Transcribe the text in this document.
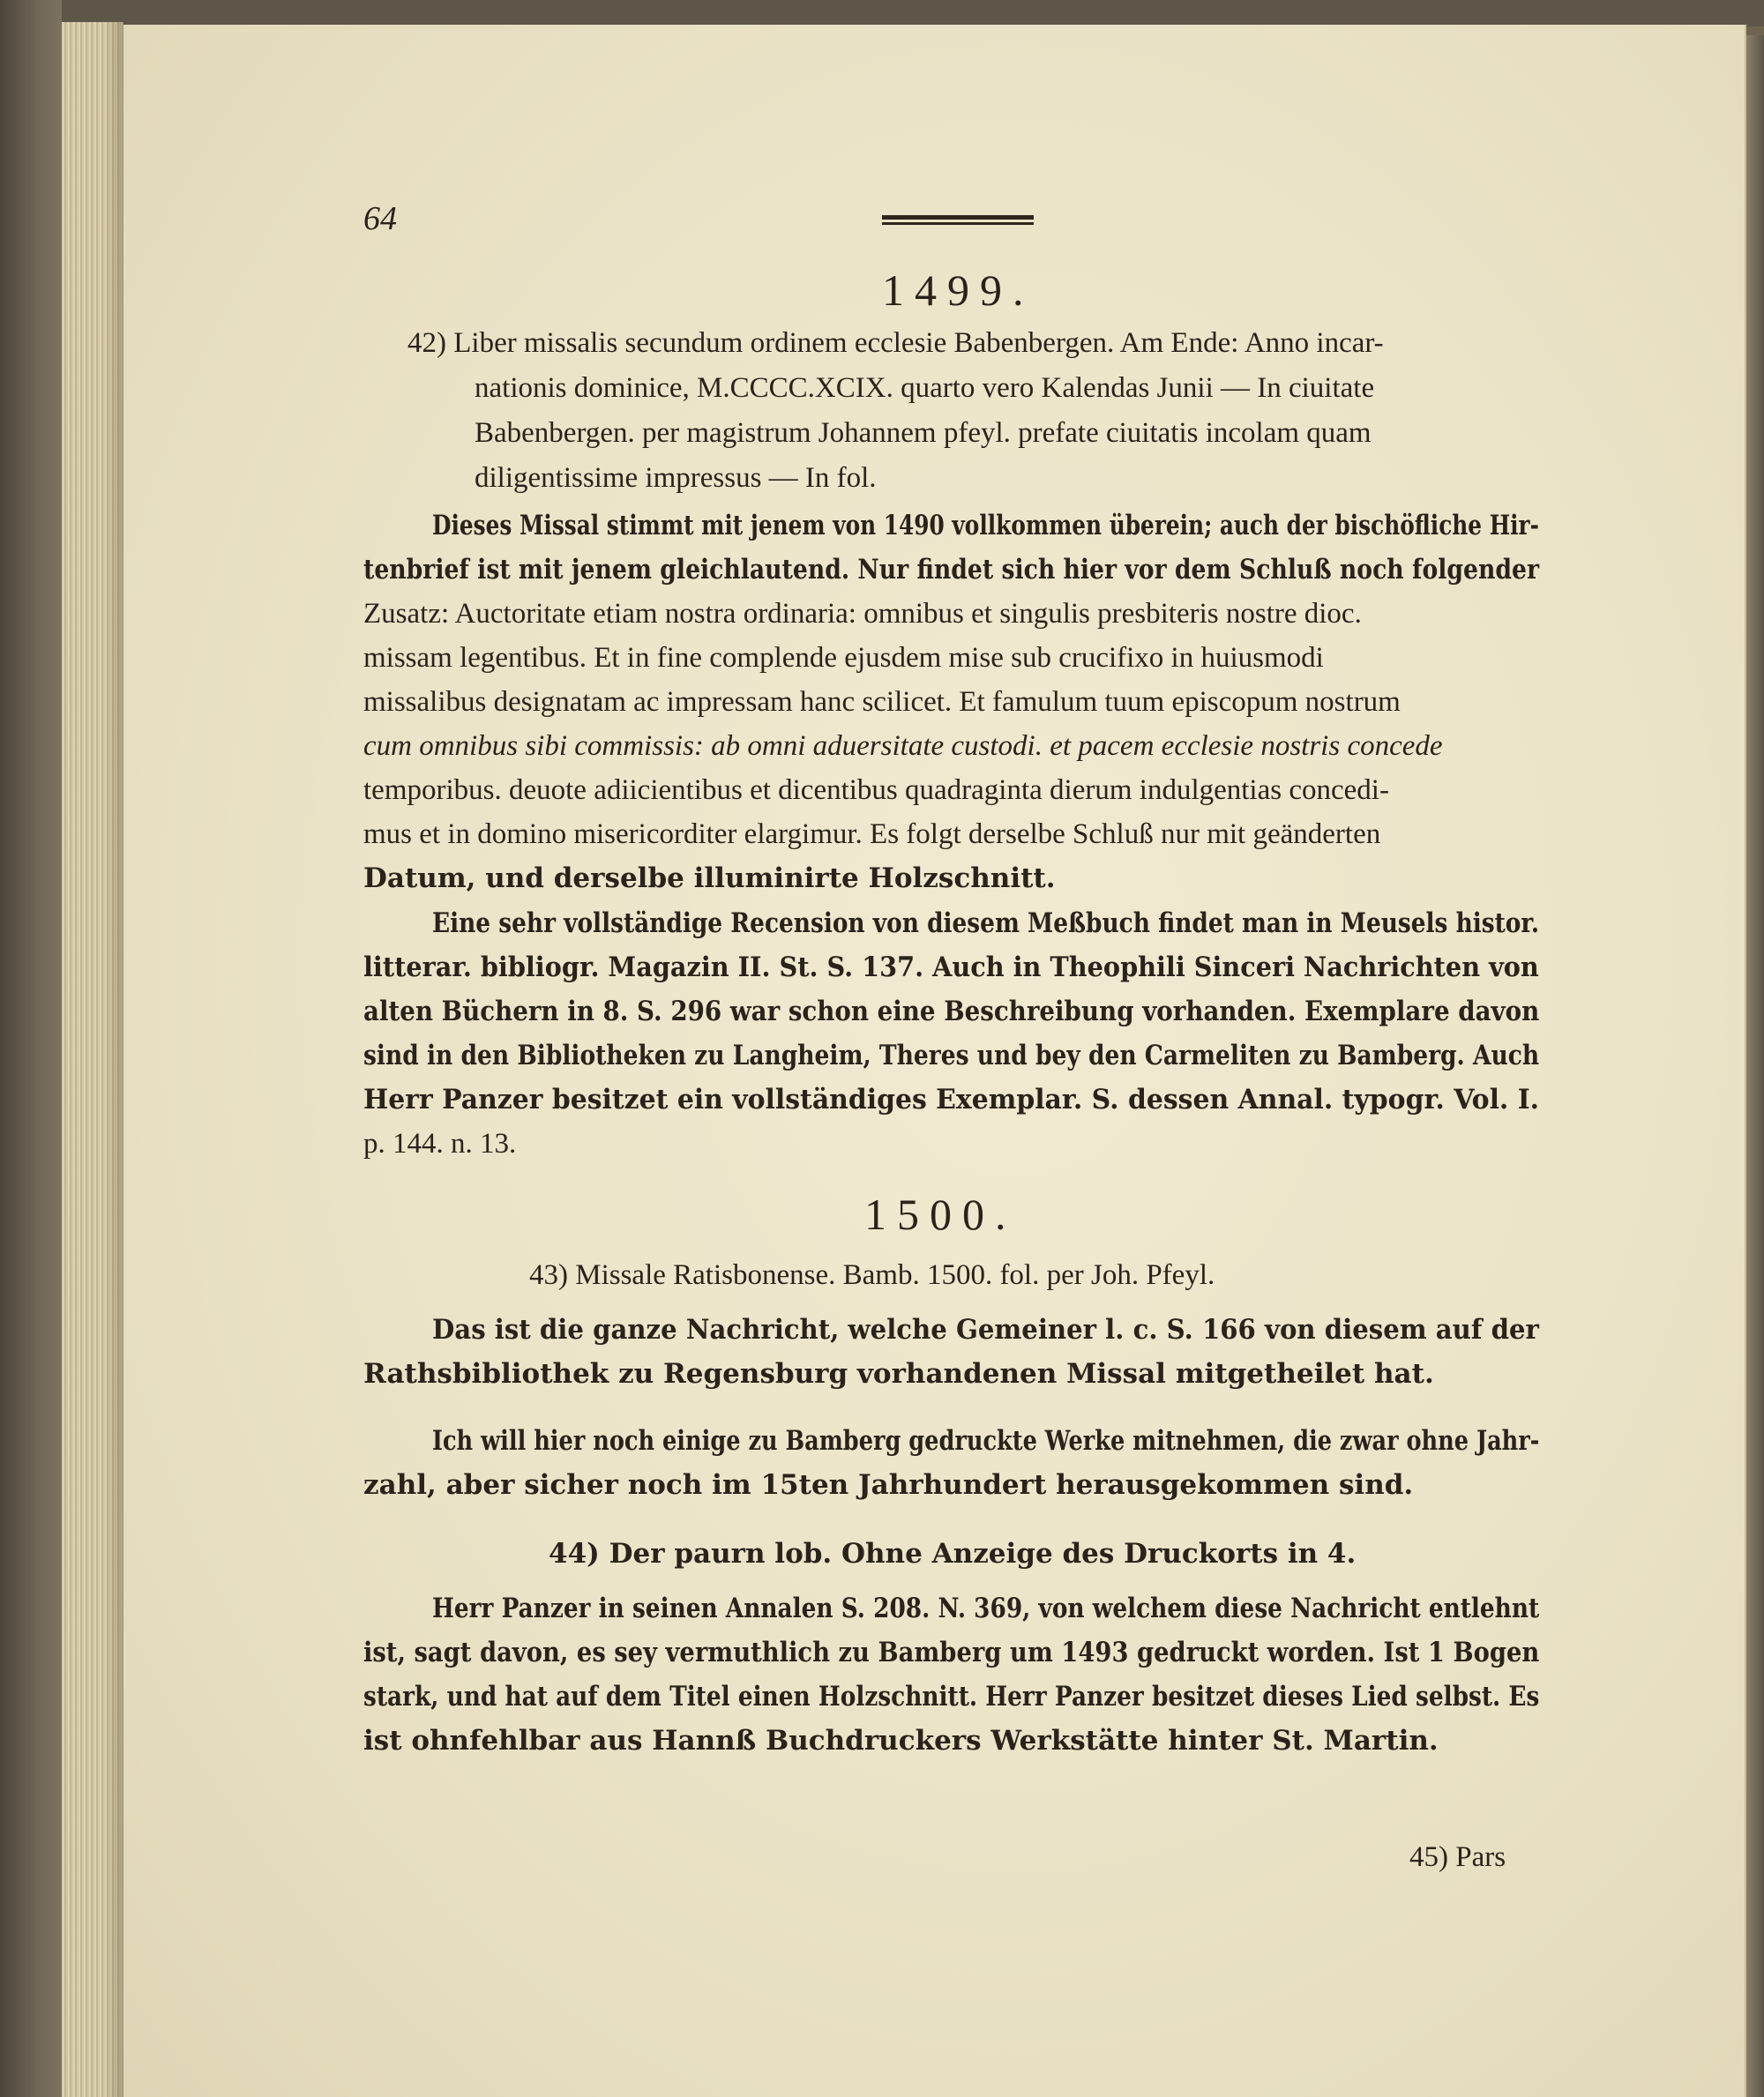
64
1499.
42) Liber missalis secundum ordinem ecclesie Babenbergen. Am Ende: Anno incar-
nationis dominice, M.CCCC.XCIX. quarto vero Kalendas Junii — In ciuitate
Babenbergen. per magistrum Johannem pfeyl. prefate ciuitatis incolam quam
diligentissime impressus — In fol.
Dieses Missal stimmt mit jenem von 1490 vollkommen überein; auch der bischöfliche Hir-
tenbrief ist mit jenem gleichlautend. Nur findet sich hier vor dem Schluß noch folgender
Zusatz: Auctoritate etiam nostra ordinaria: omnibus et singulis presbiteris nostre dioc.
missam legentibus. Et in fine complende ejusdem mise sub crucifixo in huiusmodi
missalibus designatam ac impressam hanc scilicet. Et famulum tuum episcopum nostrum
cum omnibus sibi commissis: ab omni aduersitate custodi. et pacem ecclesie nostris concede
temporibus. deuote adiicientibus et dicentibus quadraginta dierum indulgentias concedi-
mus et in domino misericorditer elargimur. Es folgt derselbe Schluß nur mit geänderten
Datum, und derselbe illuminirte Holzschnitt.
Eine sehr vollständige Recension von diesem Meßbuch findet man in Meusels histor.
litterar. bibliogr. Magazin II. St. S. 137. Auch in Theophili Sinceri Nachrichten von
alten Büchern in 8. S. 296 war schon eine Beschreibung vorhanden. Exemplare davon
sind in den Bibliotheken zu Langheim, Theres und bey den Carmeliten zu Bamberg. Auch
Herr Panzer besitzet ein vollständiges Exemplar. S. dessen Annal. typogr. Vol. I.
p. 144. n. 13.
1500.
43) Missale Ratisbonense. Bamb. 1500. fol. per Joh. Pfeyl.
Das ist die ganze Nachricht, welche Gemeiner l. c. S. 166 von diesem auf der
Rathsbibliothek zu Regensburg vorhandenen Missal mitgetheilet hat.
Ich will hier noch einige zu Bamberg gedruckte Werke mitnehmen, die zwar ohne Jahr-
zahl, aber sicher noch im 15ten Jahrhundert herausgekommen sind.
44) Der paurn lob. Ohne Anzeige des Druckorts in 4.
Herr Panzer in seinen Annalen S. 208. N. 369, von welchem diese Nachricht entlehnt
ist, sagt davon, es sey vermuthlich zu Bamberg um 1493 gedruckt worden. Ist 1 Bogen
stark, und hat auf dem Titel einen Holzschnitt. Herr Panzer besitzet dieses Lied selbst. Es
ist ohnfehlbar aus Hannß Buchdruckers Werkstätte hinter St. Martin.
45) Pars
